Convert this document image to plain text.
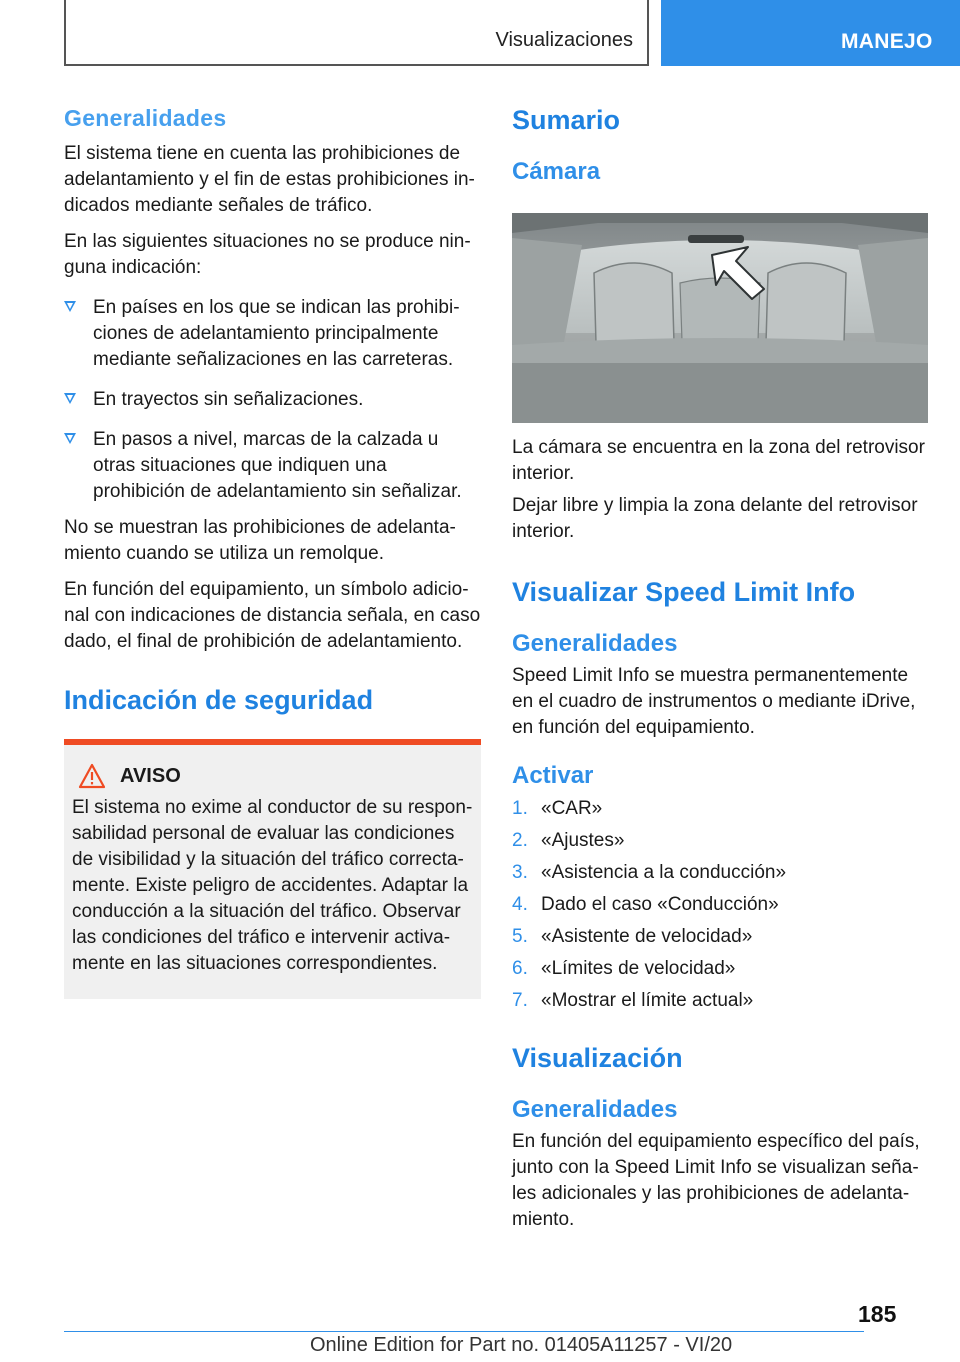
Visualizaciones	MANEJO
Generalidades

El sistema tiene en cuenta las prohibiciones de adelantamiento y el fin de estas prohibiciones indicados mediante señales de tráfico.

En las siguientes situaciones no se produce ninguna indicación:

En países en los que se indican las prohibiciones de adelantamiento principalmente mediante señalizaciones en las carreteras.
En trayectos sin señalizaciones.
En pasos a nivel, marcas de la calzada u otras situaciones que indiquen una prohibición de adelantamiento sin señalizar.

No se muestran las prohibiciones de adelantamiento cuando se utiliza un remolque.

En función del equipamiento, un símbolo adicional con indicaciones de distancia señala, en caso dado, el final de prohibición de adelantamiento.

Indicación de seguridad
AVISO

El sistema no exime al conductor de su responsabilidad personal de evaluar las condiciones de visibilidad y la situación del tráfico correctamente. Existe peligro de accidentes. Adaptar la conducción a la situación del tráfico. Observar las condiciones del tráfico e intervenir activamente en las situaciones correspondientes.

Sumario
Cámara

La cámara se encuentra en la zona del retrovisor interior.

Dejar libre y limpia la zona delante del retrovisor interior.

Visualizar Speed Limit Info
Generalidades

Speed Limit Info se muestra permanentemente en el cuadro de instrumentos o mediante iDrive, en función del equipamiento.

Activar
1. «CAR»
2. «Ajustes»
3. «Asistencia a la conducción»
4. Dado el caso «Conducción»
5. «Asistente de velocidad»
6. «Límites de velocidad»
7. «Mostrar el límite actual»
Visualización
Generalidades

En función del equipamiento específico del país, junto con la Speed Limit Info se visualizan señales adicionales y las prohibiciones de adelantamiento.

185
Online Edition for Part no. 01405A11257 - VI/20
